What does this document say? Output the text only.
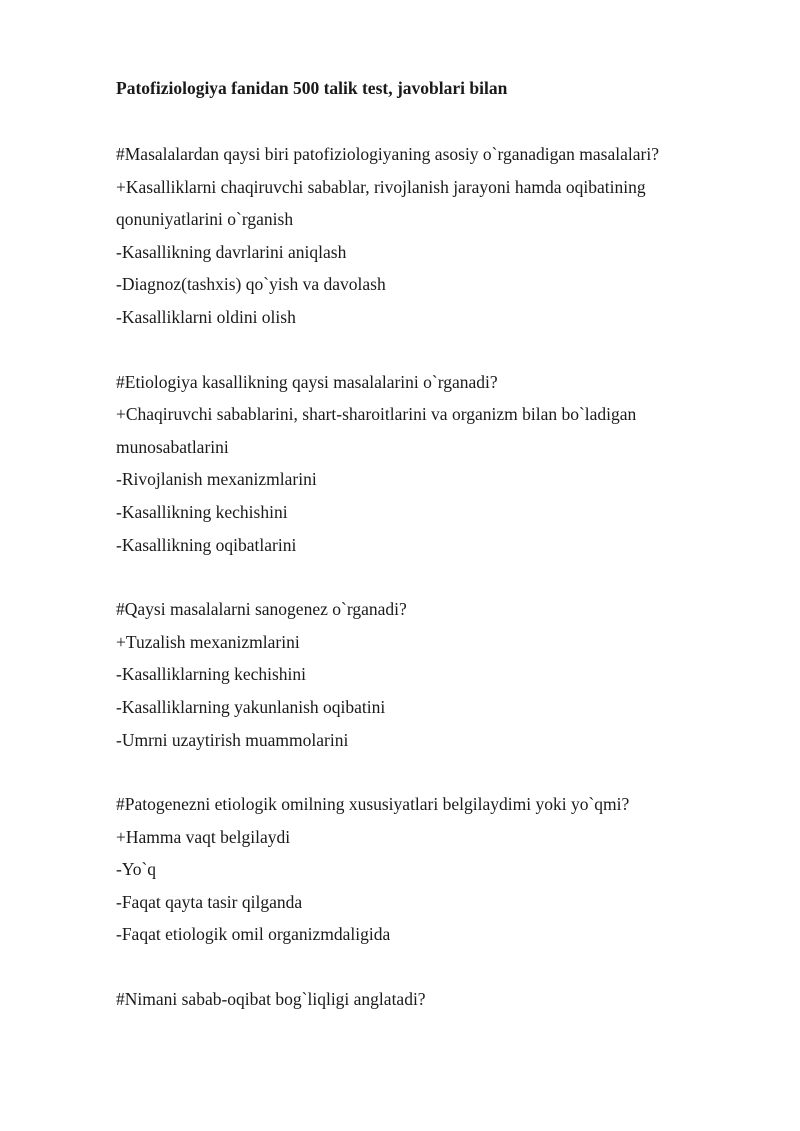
Patofiziologiya fanidan 500 talik test, javoblari bilan

#Masalalardan qaysi biri patofiziologiyaning asosiy o`rganadigan masalalari?

+Kasalliklarni chaqiruvchi sabablar, rivojlanish jarayoni hamda oqibatining qonuniyatlarini o`rganish

-Kasallikning davrlarini aniqlash

-Diagnoz(tashxis) qo`yish va davolash

-Kasalliklarni oldini olish

#Etiologiya kasallikning qaysi masalalarini o`rganadi?

+Chaqiruvchi sabablarini, shart-sharoitlarini va organizm bilan bo`ladigan munosabatlarini

-Rivojlanish mexanizmlarini

-Kasallikning kechishini

-Kasallikning oqibatlarini

#Qaysi masalalarni sanogenez o`rganadi?

+Tuzalish mexanizmlarini

-Kasalliklarning kechishini

-Kasalliklarning yakunlanish oqibatini

-Umrni uzaytirish muammolarini

#Patogenezni etiologik omilning xususiyatlari belgilaydimi yoki yo`qmi?

+Hamma vaqt belgilaydi

-Yo`q

-Faqat qayta tasir qilganda

-Faqat etiologik omil organizmdaligida

#Nimani sabab-oqibat bog`liqligi anglatadi?
